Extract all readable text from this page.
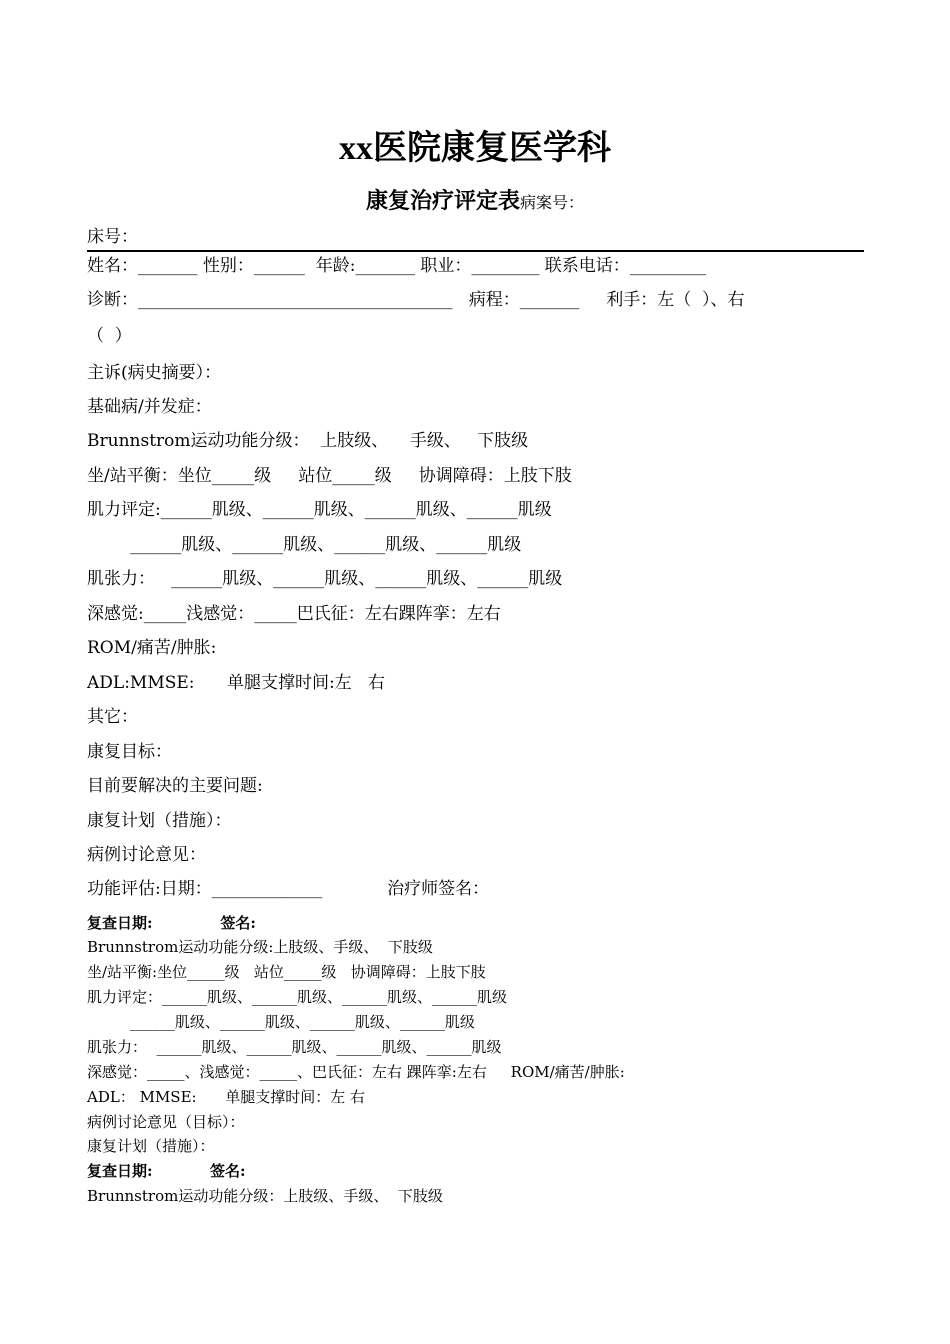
xx医院康复医学科
康复治疗评定表病案号：
床号：
姓名：_______ 性别：______  年龄:_______ 职业：________ 联系电话：_________
诊断：_____________________________________   病程：_______     利手：左（  ）、右
（  ）
主诉(病史摘要）：
基础病/并发症：
Brunnstrom运动功能分级：  上肢级、    手级、   下肢级
坐/站平衡：坐位_____级     站位_____级     协调障碍：上肢下肢
肌力评定:______肌级、______肌级、______肌级、______肌级
______肌级、______肌级、______肌级、______肌级
肌张力：   ______肌级、______肌级、______肌级、______肌级
深感觉:_____浅感觉：_____巴氏征：左右踝阵挛：左右
ROM/痛苦/肿胀:
ADL:MMSE:      单腿支撑时间:左   右
其它：
康复目标：
目前要解决的主要问题:
康复计划（措施）：
病例讨论意见：
功能评估:日期：_____________            治疗师签名：
复查日期:             签名:
Brunnstrom运动功能分级:上肢级、手级、  下肢级
坐/站平衡:坐位_____级   站位_____级   协调障碍：上肢下肢
肌力评定：______肌级、______肌级、______肌级、______肌级
______肌级、______肌级、______肌级、______肌级
肌张力：  ______肌级、______肌级、______肌级、______肌级
深感觉：_____、浅感觉：_____、巴氏征：左右 踝阵挛:左右     ROM/痛苦/肿胀:
ADL： MMSE:      单腿支撑时间：左 右
病例讨论意见（目标）：
康复计划（措施）：
复查日期:           签名:
Brunnstrom运动功能分级：上肢级、手级、  下肢级
